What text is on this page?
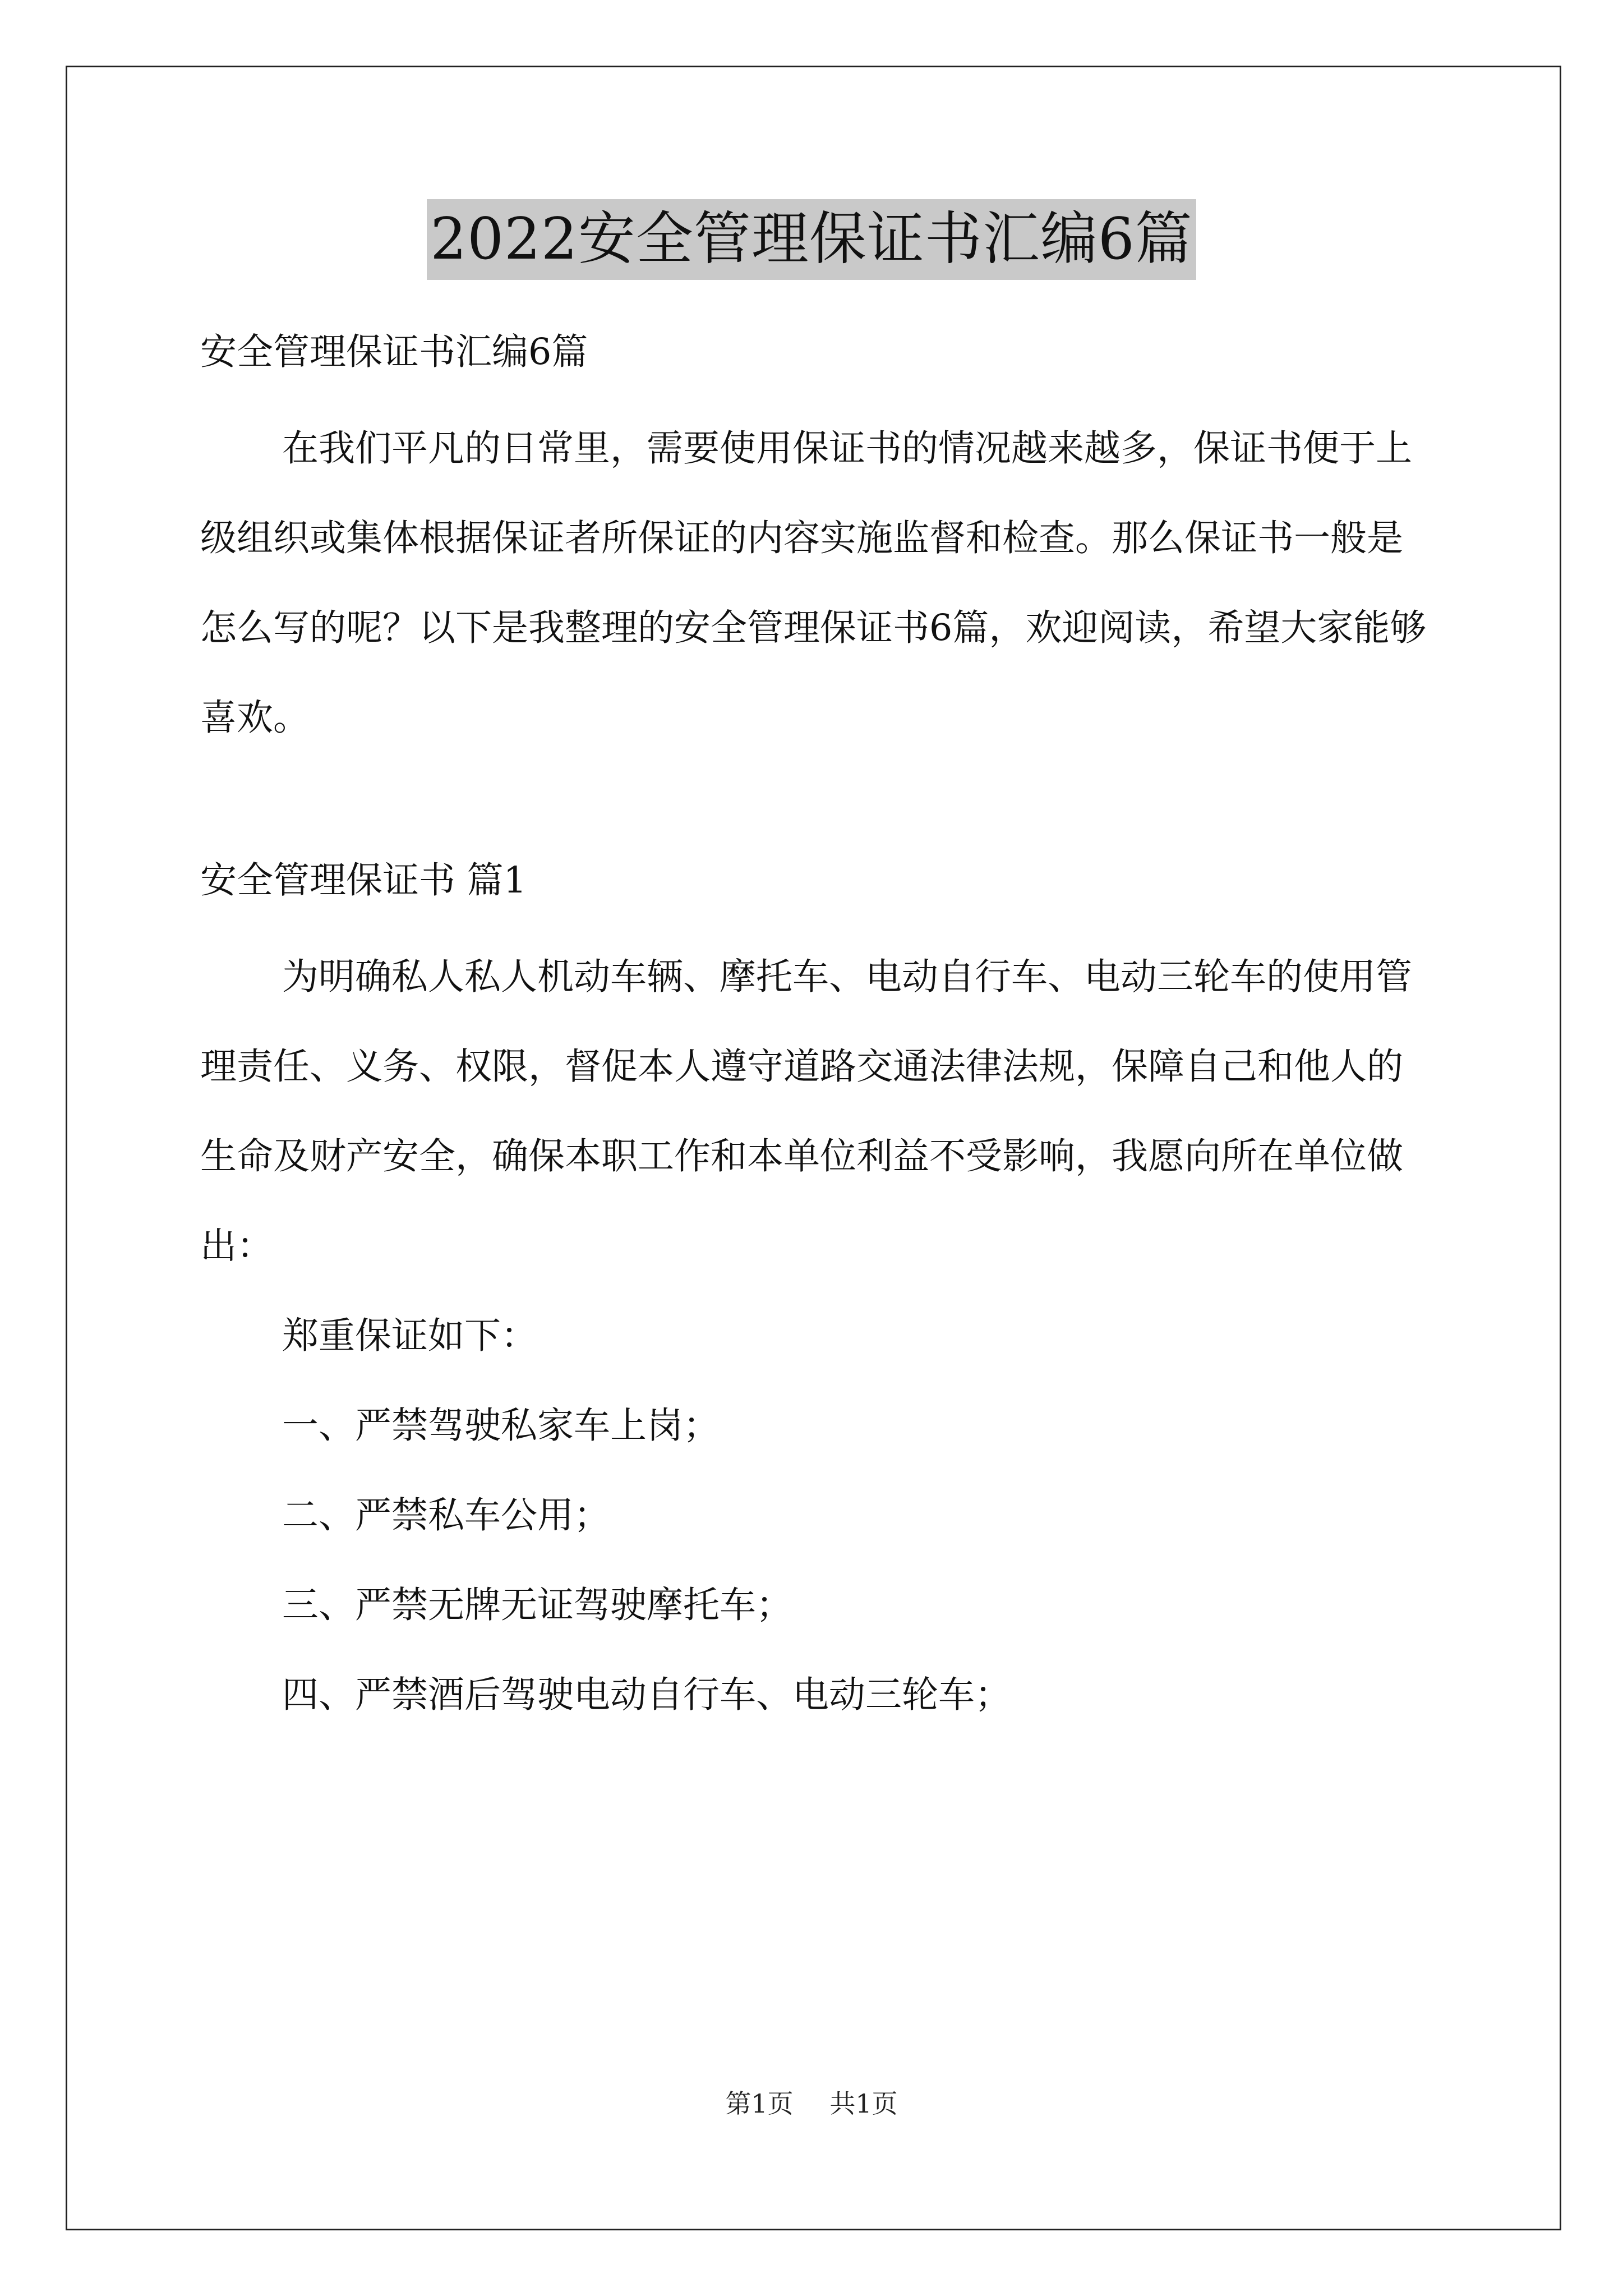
2022安全管理保证书汇编6篇

安全管理保证书汇编6篇

在我们平凡的日常里，需要使用保证书的情况越来越多，保证书便于上级组织或集体根据保证者所保证的内容实施监督和检查。那么保证书一般是怎么写的呢？以下是我整理的安全管理保证书6篇，欢迎阅读，希望大家能够喜欢。

安全管理保证书 篇1

为明确私人私人机动车辆、摩托车、电动自行车、电动三轮车的使用管理责任、义务、权限，督促本人遵守道路交通法律法规，保障自己和他人的生命及财产安全，确保本职工作和本单位利益不受影响，我愿向所在单位做出：

郑重保证如下：

一、严禁驾驶私家车上岗；

二、严禁私车公用；

三、严禁无牌无证驾驶摩托车；

四、严禁酒后驾驶电动自行车、电动三轮车；

第1页 共1页
